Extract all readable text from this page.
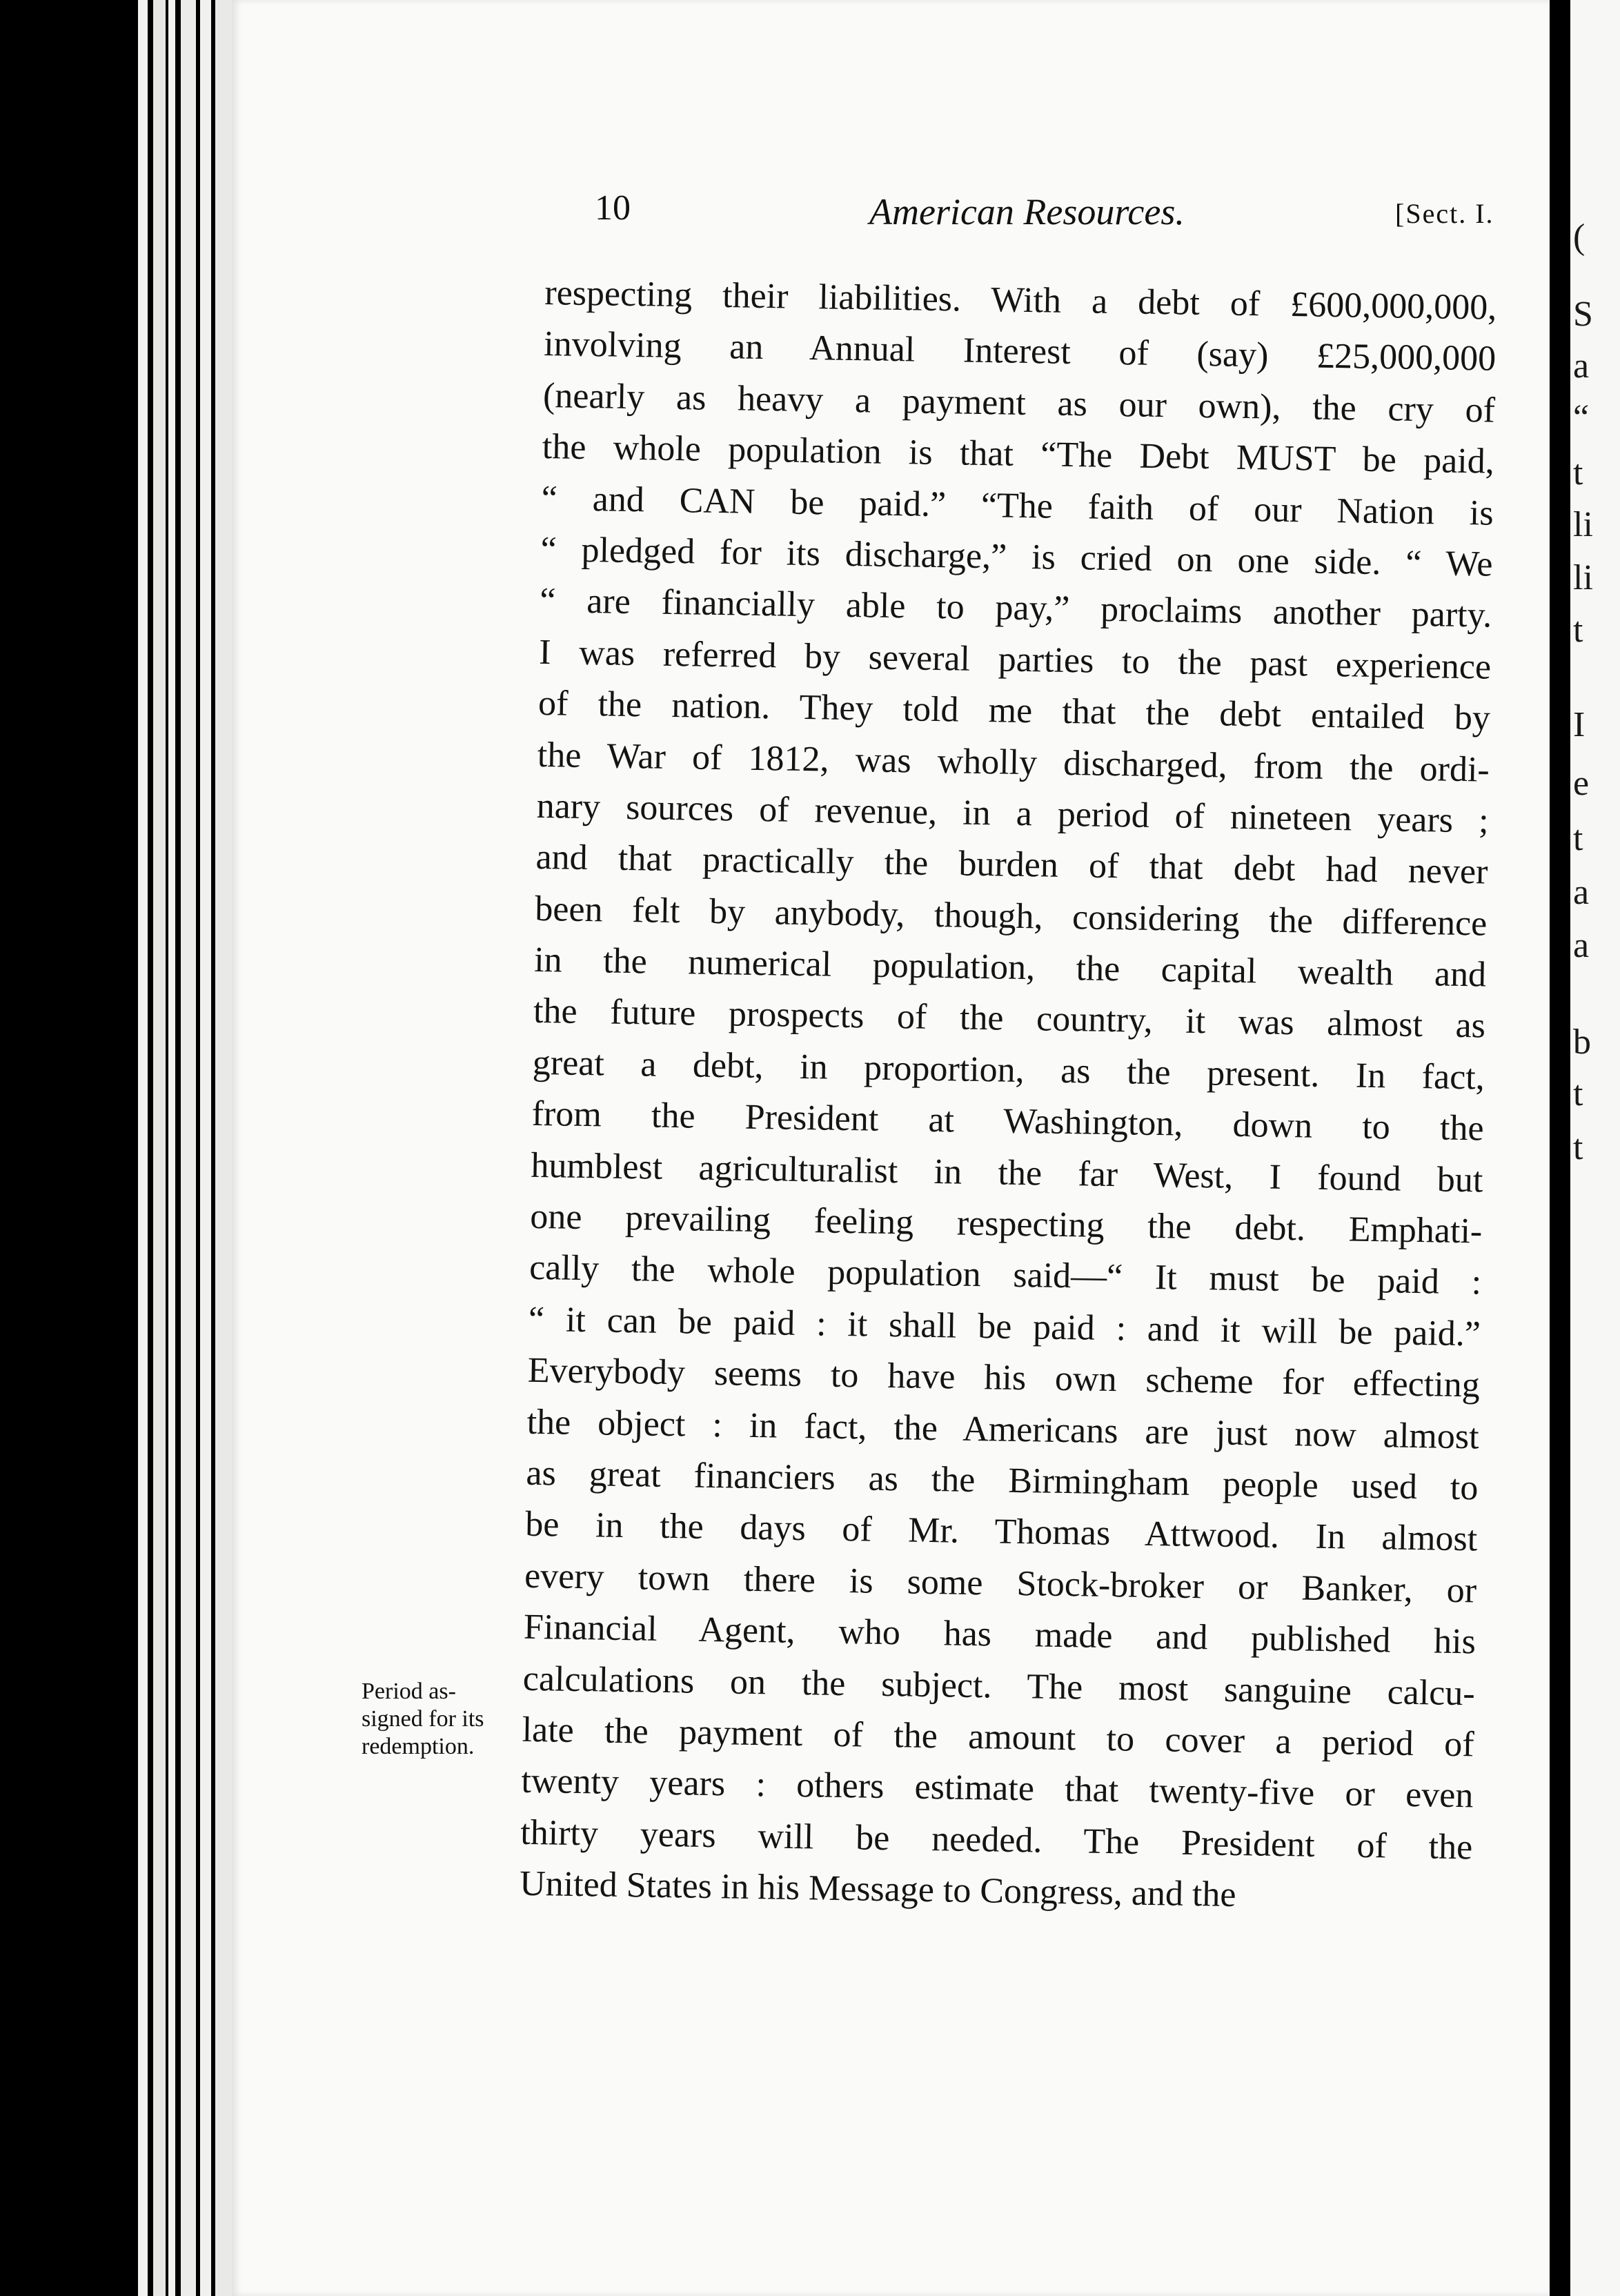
(
S
a
“
t
li
li
t
I
e
t
a
a
b
t
t
10	American Resources.	[Sect. I.
respecting their liabilities. With a debt of £600,000,000,
involving an Annual Interest of (say) £25,000,000
(nearly as heavy a payment as our own), the cry of
the whole population is that “The Debt MUST be paid,
“ and CAN be paid.” “The faith of our Nation is
“ pledged for its discharge,” is cried on one side. “ We
“ are financially able to pay,” proclaims another party.
I was referred by several parties to the past experience
of the nation. They told me that the debt entailed by
the War of 1812, was wholly discharged, from the ordi-
nary sources of revenue, in a period of nineteen years ;
and that practically the burden of that debt had never
been felt by anybody, though, considering the difference
in the numerical population, the capital wealth and
the future prospects of the country, it was almost as
great a debt, in proportion, as the present. In fact,
from the President at Washington, down to the
humblest agriculturalist in the far West, I found but
one prevailing feeling respecting the debt. Emphati-
cally the whole population said—“ It must be paid :
“ it can be paid : it shall be paid : and it will be paid.”
Everybody seems to have his own scheme for effecting
the object : in fact, the Americans are just now almost
as great financiers as the Birmingham people used to
be in the days of Mr. Thomas Attwood. In almost
every town there is some Stock-broker or Banker, or
Financial Agent, who has made and published his
calculations on the subject. The most sanguine calcu-
late the payment of the amount to cover a period of
twenty years : others estimate that twenty-five or even
thirty years will be needed. The President of the
United States in his Message to Congress, and the
Period as-
signed for its
redemption.
